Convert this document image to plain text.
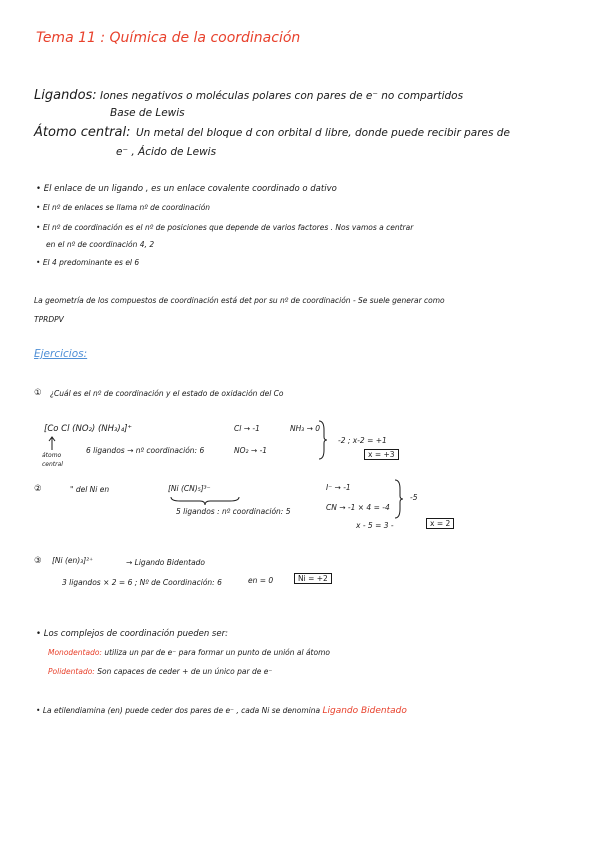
Tema 11 : Química de la coordinación
Ligandos: Iones negativos o moléculas polares con pares de e⁻ no compartidos
Base de Lewis
Átomo central: Un metal del bloque d con orbital d libre, donde puede recibir pares de
e⁻ , Ácido de Lewis
• El enlace de un ligando , es un enlace covalente coordinado o dativo
• El nº de enlaces se llama nº de coordinación
• El nº de coordinación es el nº de posiciones que depende de varios factores . Nos vamos a centrar
en el nº de coordinación 4, 2
• El 4 predominante es el 6
La geometría de los compuestos de coordinación está det por su nº de coordinación - Se suele generar como
TPRDPV
Ejercicios:
① ¿Cuál es el nº de coordinación y el estado de oxidación del Co
[Co Cl (NO₂) (NH₃)₄]⁺
átomo central
6 ligandos → nº coordinación: 6
Cl → -1
NO₂ → -1
NH₃ → 0
-2 ; x-2 = +1
x = +3
②	" del Ni en	[Ni (CN)₅]³⁻
5 ligandos : nº coordinación: 5
I⁻ → -1
CN → -1 × 4 = -4
-5
x - 5 = 3 -	x = 2
③ [Ni (en)₃]²⁺	→ Ligando Bidentado
3 ligandos × 2 = 6 ; Nº de Coordinación: 6	en = 0	Ni = +2
• Los complejos de coordinación pueden ser:
Monodentado: utiliza un par de e⁻ para formar un punto de unión al átomo
Polidentado: Son capaces de ceder + de un único par de e⁻
• La etilendiamina (en) puede ceder dos pares de e⁻ , cada Ni se denomina Ligando Bidentado
